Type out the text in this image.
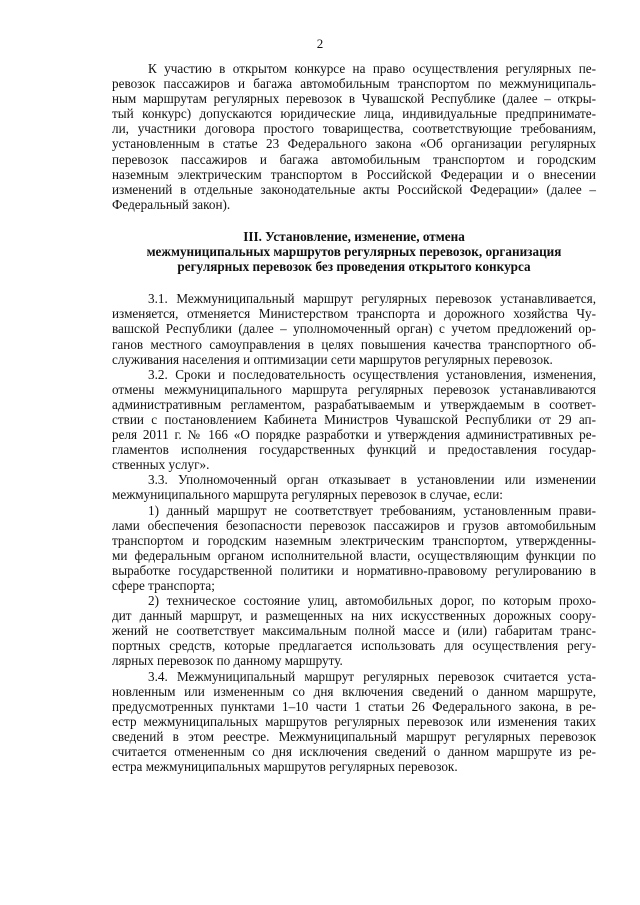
2
К участию в открытом конкурсе на право осуществления регулярных пе-
ревозок пассажиров и багажа автомобильным транспортом по межмуниципаль-
ным маршрутам регулярных перевозок в Чувашской Республике (далее – откры-
тый конкурс) допускаются юридические лица, индивидуальные предпринимате-
ли, участники договора простого товарищества, соответствующие требованиям,
установленным в статье 23 Федерального закона «Об организации регулярных
перевозок пассажиров и багажа автомобильным транспортом и городским
наземным электрическим транспортом в Российской Федерации и о внесении
изменений в отдельные законодательные акты Российской Федерации» (далее –
Федеральный закон).
III. Установление, изменение, отмена
межмуниципальных маршрутов регулярных перевозок, организация
регулярных перевозок без проведения открытого конкурса
3.1. Межмуниципальный маршрут регулярных перевозок устанавливается,
изменяется, отменяется Министерством транспорта и дорожного хозяйства Чу-
вашской Республики (далее – уполномоченный орган) с учетом предложений ор-
ганов местного самоуправления в целях повышения качества транспортного об-
служивания населения и оптимизации сети маршрутов регулярных перевозок.
3.2. Сроки и последовательность осуществления установления, изменения,
отмены межмуниципального маршрута регулярных перевозок устанавливаются
административным регламентом, разрабатываемым и утверждаемым в соответ-
ствии с постановлением Кабинета Министров Чувашской Республики от 29 ап-
реля 2011 г. № 166 «О порядке разработки и утверждения административных ре-
гламентов исполнения государственных функций и предоставления государ-
ственных услуг».
3.3. Уполномоченный орган отказывает в установлении или изменении
межмуниципального маршрута регулярных перевозок в случае, если:
1) данный маршрут не соответствует требованиям, установленным прави-
лами обеспечения безопасности перевозок пассажиров и грузов автомобильным
транспортом и городским наземным электрическим транспортом, утвержденны-
ми федеральным органом исполнительной власти, осуществляющим функции по
выработке государственной политики и нормативно-правовому регулированию в
сфере транспорта;
2) техническое состояние улиц, автомобильных дорог, по которым прохо-
дит данный маршрут, и размещенных на них искусственных дорожных соору-
жений не соответствует максимальным полной массе и (или) габаритам транс-
портных средств, которые предлагается использовать для осуществления регу-
лярных перевозок по данному маршруту.
3.4. Межмуниципальный маршрут регулярных перевозок считается уста-
новленным или измененным со дня включения сведений о данном маршруте,
предусмотренных пунктами 1–10 части 1 статьи 26 Федерального закона, в ре-
естр межмуниципальных маршрутов регулярных перевозок или изменения таких
сведений в этом реестре. Межмуниципальный маршрут регулярных перевозок
считается отмененным со дня исключения сведений о данном маршруте из ре-
естра межмуниципальных маршрутов регулярных перевозок.
